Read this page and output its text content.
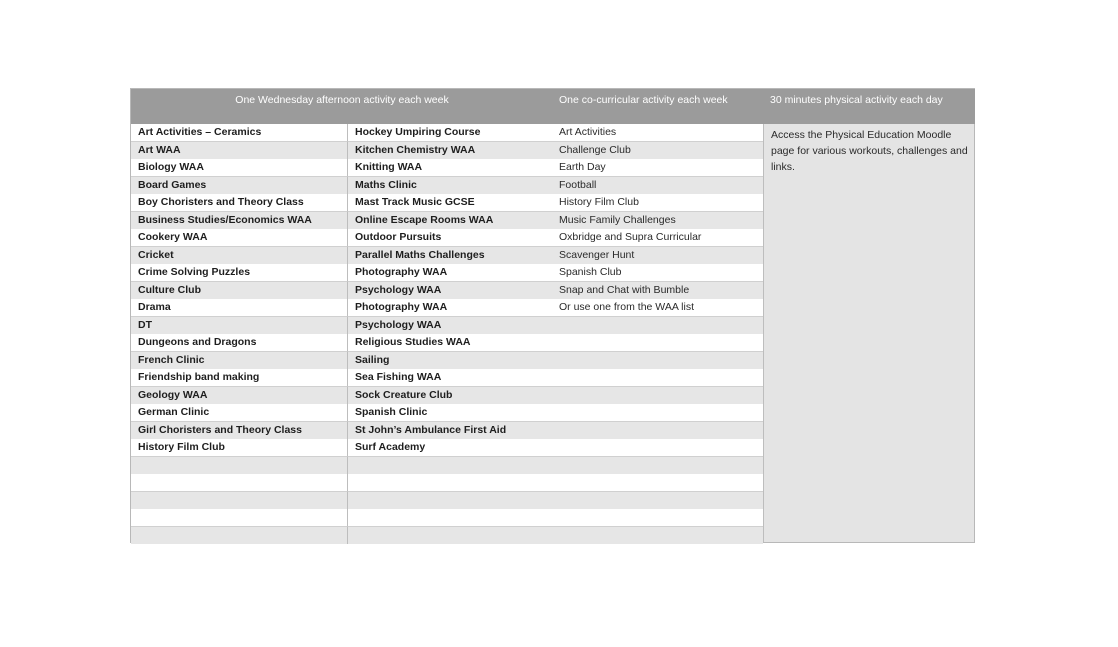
One Wednesday afternoon activity each week	One co-curricular activity each week	30 minutes physical activity each day
Art Activities – Ceramics	Hockey Umpiring Course	Art Activities
Art WAA	Kitchen Chemistry WAA	Challenge Club
Biology WAA	Knitting WAA	Earth Day
Board Games	Maths Clinic	Football
Boy Choristers and Theory Class	Mast Track Music GCSE	History Film Club
Business Studies/Economics WAA	Online Escape Rooms WAA	Music Family Challenges
Cookery WAA	Outdoor Pursuits	Oxbridge and Supra Curricular
Cricket	Parallel Maths Challenges	Scavenger Hunt
Crime Solving Puzzles	Photography WAA	Spanish Club
Culture Club	Psychology WAA	Snap and Chat with Bumble
Drama	Photography WAA	Or use one from the WAA list
DT	Psychology WAA
Dungeons and Dragons	Religious Studies WAA
French Clinic	Sailing
Friendship band making	Sea Fishing WAA
Geology WAA	Sock Creature Club
German Clinic	Spanish Clinic
Girl Choristers and Theory Class	St John’s Ambulance First Aid
History Film Club	Surf Academy
Access the Physical Education Moodle page for various workouts, challenges and links.
